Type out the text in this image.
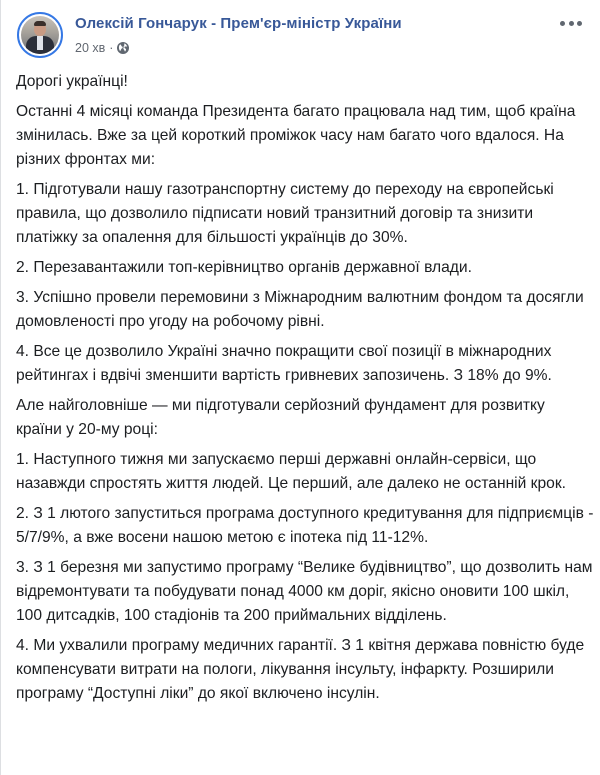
Олексій Гончарук - Прем'єр-міністр України
20 хв ·

Дорогі українці!

Останні 4 місяці команда Президента багато працювала над тим, щоб країна змінилась. Вже за цей короткий проміжок часу нам багато чого вдалося. На різних фронтах ми:

1. Підготували нашу газотранспортну систему до переходу на європейські правила, що дозволило підписати новий транзитний договір та знизити платіжку за опалення для більшості українців до 30%.

2. Перезавантажили топ-керівництво органів державної влади.

3. Успішно провели перемовини з Міжнародним валютним фондом та досягли домовленості про угоду на робочому рівні.

4. Все це дозволило Україні значно покращити свої позиції в міжнародних рейтингах і вдвічі зменшити вартість гривневих запозичень. З 18% до 9%.

Але найголовніше — ми підготували серйозний фундамент для розвитку країни у 20-му році:

1. Наступного тижня ми запускаємо перші державні онлайн-сервіси, що назавжди спростять життя людей. Це перший, але далеко не останній крок.

2. З 1 лютого запуститься програма доступного кредитування для підприємців - 5/7/9%, а вже восени нашою метою є іпотека під 11-12%.

3. З 1 березня ми запустимо програму “Велике будівництво”, що дозволить нам відремонтувати та побудувати понад 4000 км доріг, якісно оновити 100 шкіл, 100 дитсадків, 100 стадіонів та 200 приймальних відділень.

4. Ми ухвалили програму медичних гарантії. З 1 квітня держава повністю буде компенсувати витрати на пологи, лікування інсульту, інфаркту. Розширили програму “Доступні ліки” до якої включено інсулін.
